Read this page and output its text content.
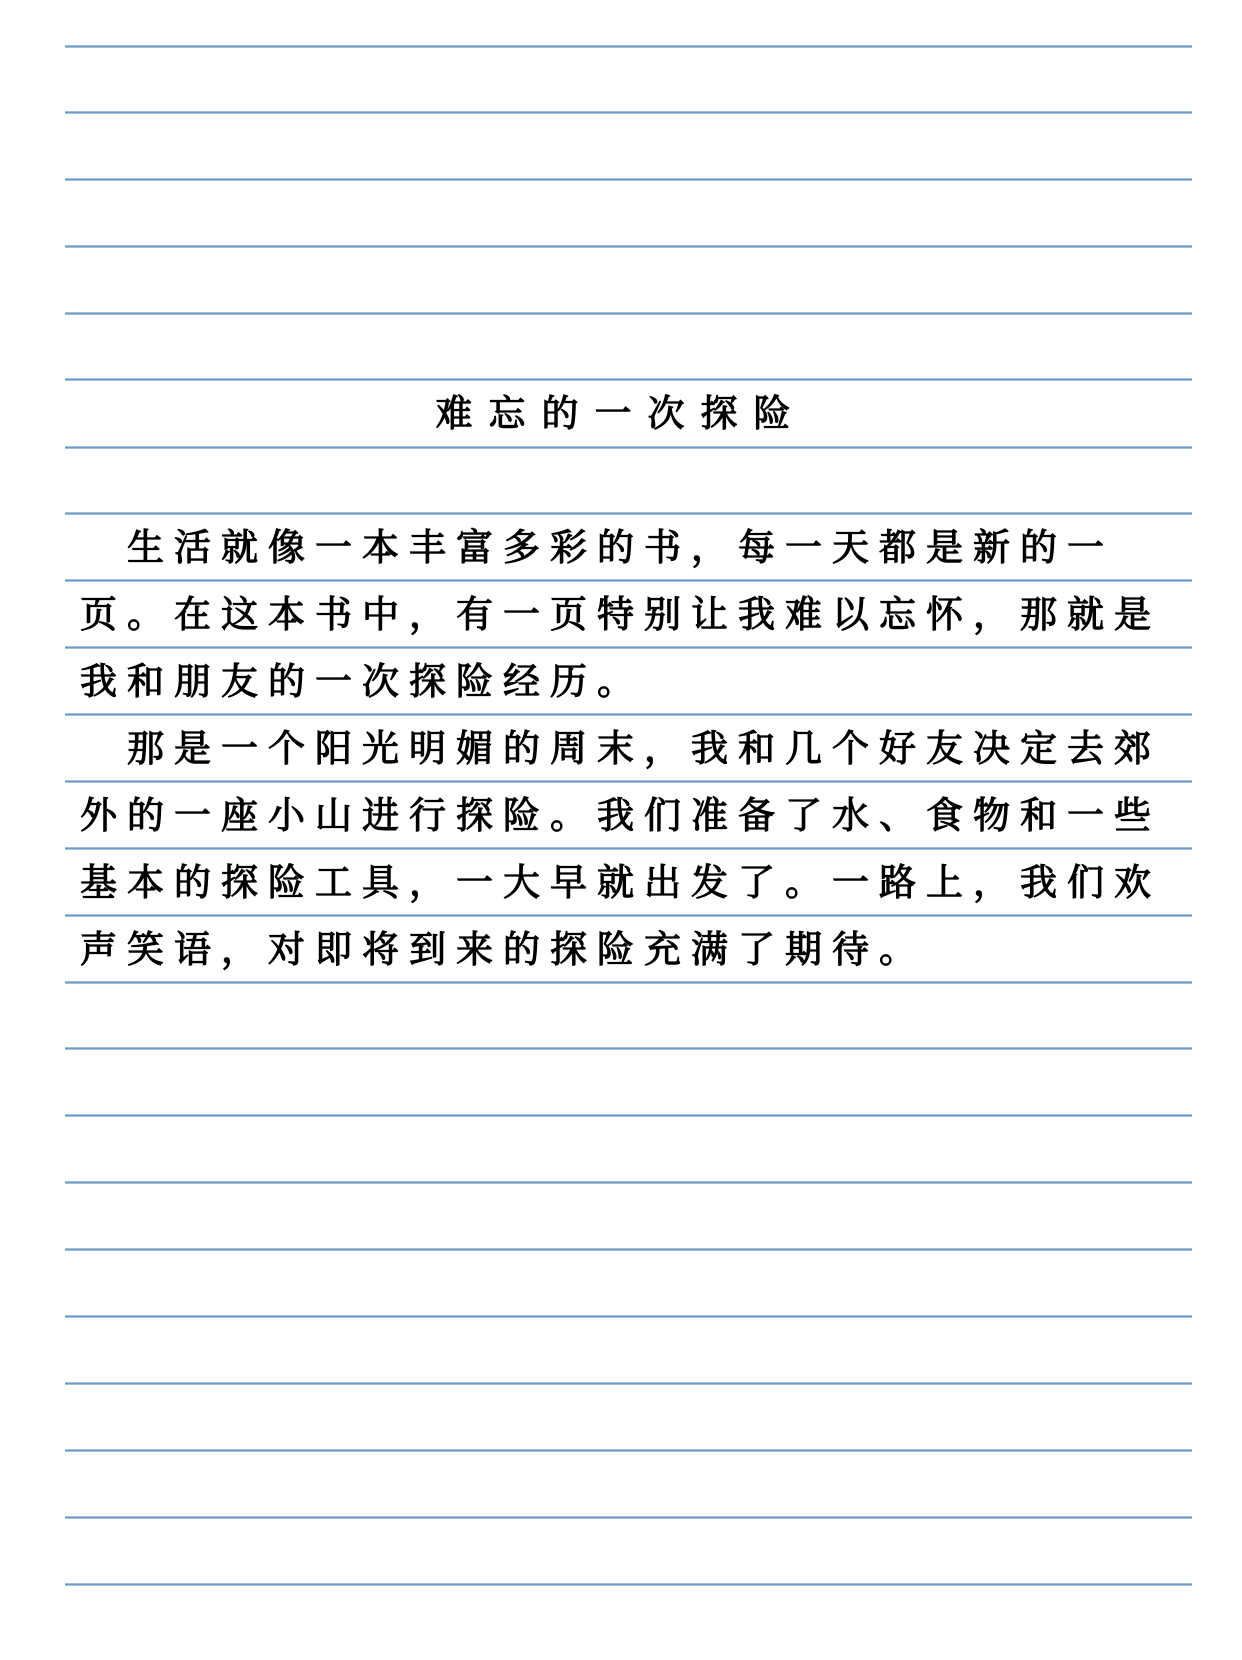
难忘的一次探险
　生活就像一本丰富多彩的书，每一天都是新的一
页。在这本书中，有一页特别让我难以忘怀，那就是
我和朋友的一次探险经历。
　那是一个阳光明媚的周末，我和几个好友决定去郊
外的一座小山进行探险。我们准备了水、食物和一些
基本的探险工具，一大早就出发了。一路上，我们欢
声笑语，对即将到来的探险充满了期待。
